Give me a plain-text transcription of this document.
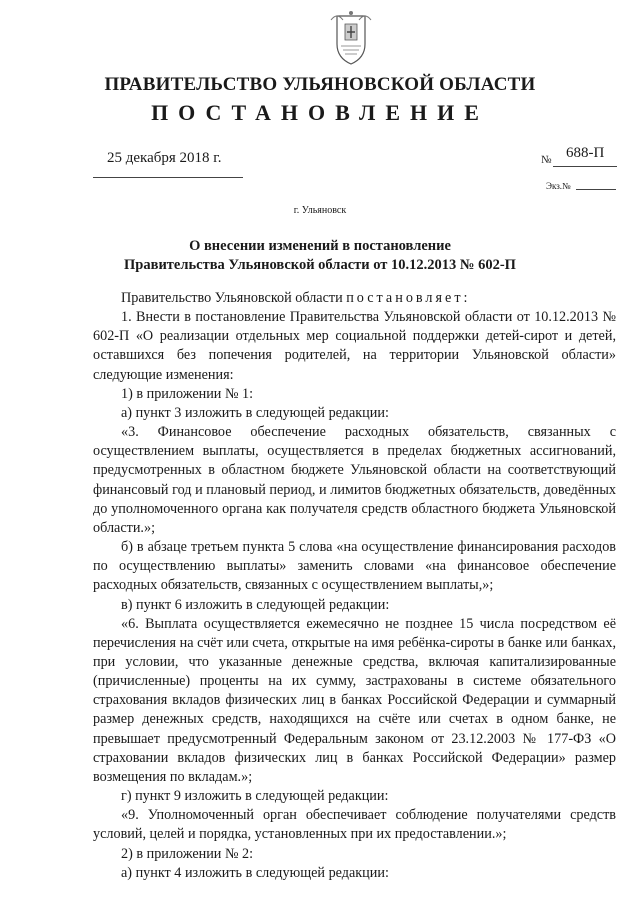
ПРАВИТЕЛЬСТВО УЛЬЯНОВСКОЙ ОБЛАСТИ
ПОСТАНОВЛЕНИЕ
25 декабря 2018 г.	№ 688-П
Экз.№
г. Ульяновск
О внесении изменений в постановление
Правительства Ульяновской области от 10.12.2013 № 602-П

Правительство Ульяновской области постановляет:

1. Внести в постановление Правительства Ульяновской области от 10.12.2013 № 602-П «О реализации отдельных мер социальной поддержки детей-сирот и детей, оставшихся без попечения родителей, на территории Ульяновской области» следующие изменения:

1) в приложении № 1:

а) пункт 3 изложить в следующей редакции:

«3. Финансовое обеспечение расходных обязательств, связанных с осуществлением выплаты, осуществляется в пределах бюджетных ассигнований, предусмотренных в областном бюджете Ульяновской области на соответствующий финансовый год и плановый период, и лимитов бюджетных обязательств, доведённых до уполномоченного органа как получателя средств областного бюджета Ульяновской области.»;

б) в абзаце третьем пункта 5 слова «на осуществление финансирования расходов по осуществлению выплаты» заменить словами «на финансовое обеспечение расходных обязательств, связанных с осуществлением выплаты,»;

в) пункт 6 изложить в следующей редакции:

«6. Выплата осуществляется ежемесячно не позднее 15 числа посредством её перечисления на счёт или счета, открытые на имя ребёнка-сироты в банке или банках, при условии, что указанные денежные средства, включая капитализированные (причисленные) проценты на их сумму, застрахованы в системе обязательного страхования вкладов физических лиц в банках Российской Федерации и суммарный размер денежных средств, находящихся на счёте или счетах в одном банке, не превышает предусмотренный Федеральным законом от 23.12.2003 № 177-ФЗ «О страховании вкладов физических лиц в банках Российской Федерации» размер возмещения по вкладам.»;

г) пункт 9 изложить в следующей редакции:

«9. Уполномоченный орган обеспечивает соблюдение получателями средств условий, целей и порядка, установленных при их предоставлении.»;

2) в приложении № 2:

а) пункт 4 изложить в следующей редакции:
